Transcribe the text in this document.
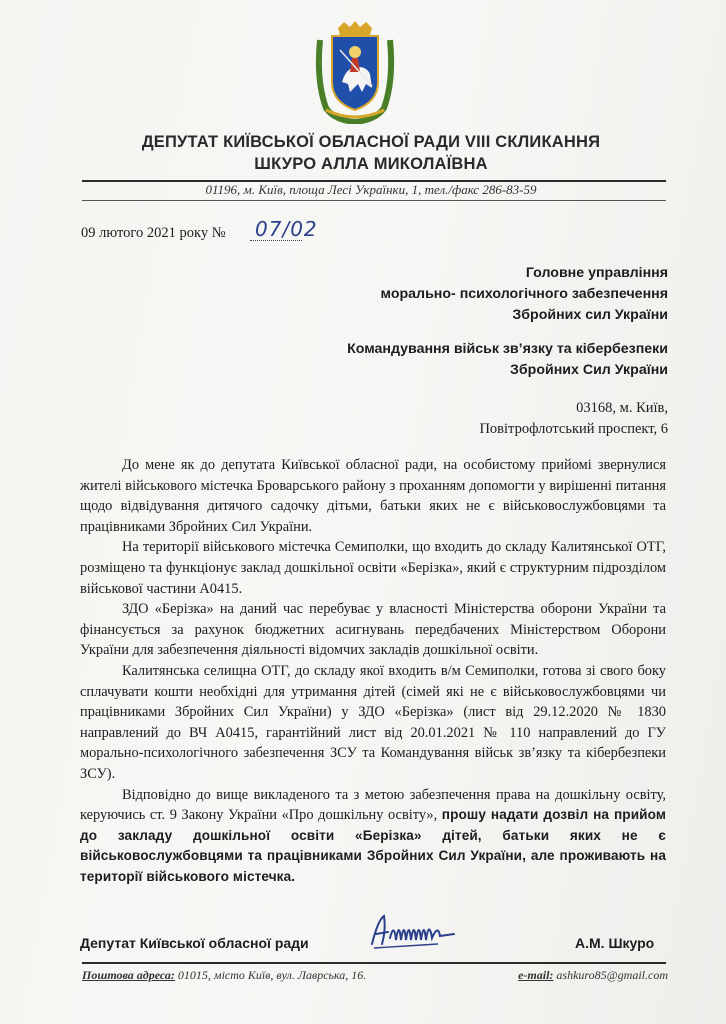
ДЕПУТАТ КИЇВСЬКОЇ ОБЛАСНОЇ РАДИ VIII СКЛИКАННЯ
ШКУРО АЛЛА МИКОЛАЇВНА
01196, м. Київ, площа Лесі Українки, 1, тел./факс 286-83-59
09 лютого 2021 року № 07/02
Головне управління
морально- психологічного забезпечення
Збройних сил України
Командування військ зв’язку та кібербезпеки
Збройних Сил України
03168, м. Київ,
Повітрофлотський проспект, 6

До мене як до депутата Київської обласної ради, на особистому прийомі звернулися жителі військового містечка Броварського району з проханням допомогти у вирішенні питання щодо відвідування дитячого садочку дітьми, батьки яких не є військовослужбовцями та працівниками Збройних Сил України.

На території військового містечка Семиполки, що входить до складу Калитянської ОТГ, розміщено та функціонує заклад дошкільної освіти «Берізка», який є структурним підрозділом військової частини А0415.

ЗДО «Берізка» на даний час перебуває у власності Міністерства оборони України та фінансується за рахунок бюджетних асигнувань передбачених Міністерством Оборони України для забезпечення діяльності відомчих закладів дошкільної освіти.

Калитянська селищна ОТГ, до складу якої входить в/м Семиполки, готова зі свого боку сплачувати кошти необхідні для утримання дітей (сімей які не є військовослужбовцями чи працівниками Збройних Сил України) у ЗДО «Берізка» (лист від 29.12.2020 № 1830 направлений до ВЧ А0415, гарантійний лист від 20.01.2021 № 110 направлений до ГУ морально-психологічного забезпечення ЗСУ та Командування військ зв’язку та кібербезпеки ЗСУ).

Відповідно до вище викладеного та з метою забезпечення права на дошкільну освіту, керуючись ст. 9 Закону України «Про дошкільну освіту», прошу надати дозвіл на прийом до закладу дошкільної освіти «Берізка» дітей, батьки яких не є військовослужбовцями та працівниками Збройних Сил України, але проживають на території військового містечка.

Депутат Київської обласної ради	А.М. Шкуро
Поштова адреса: 01015, місто Київ, вул. Лаврська, 16.	e-mail: ashkuro85@gmail.com
